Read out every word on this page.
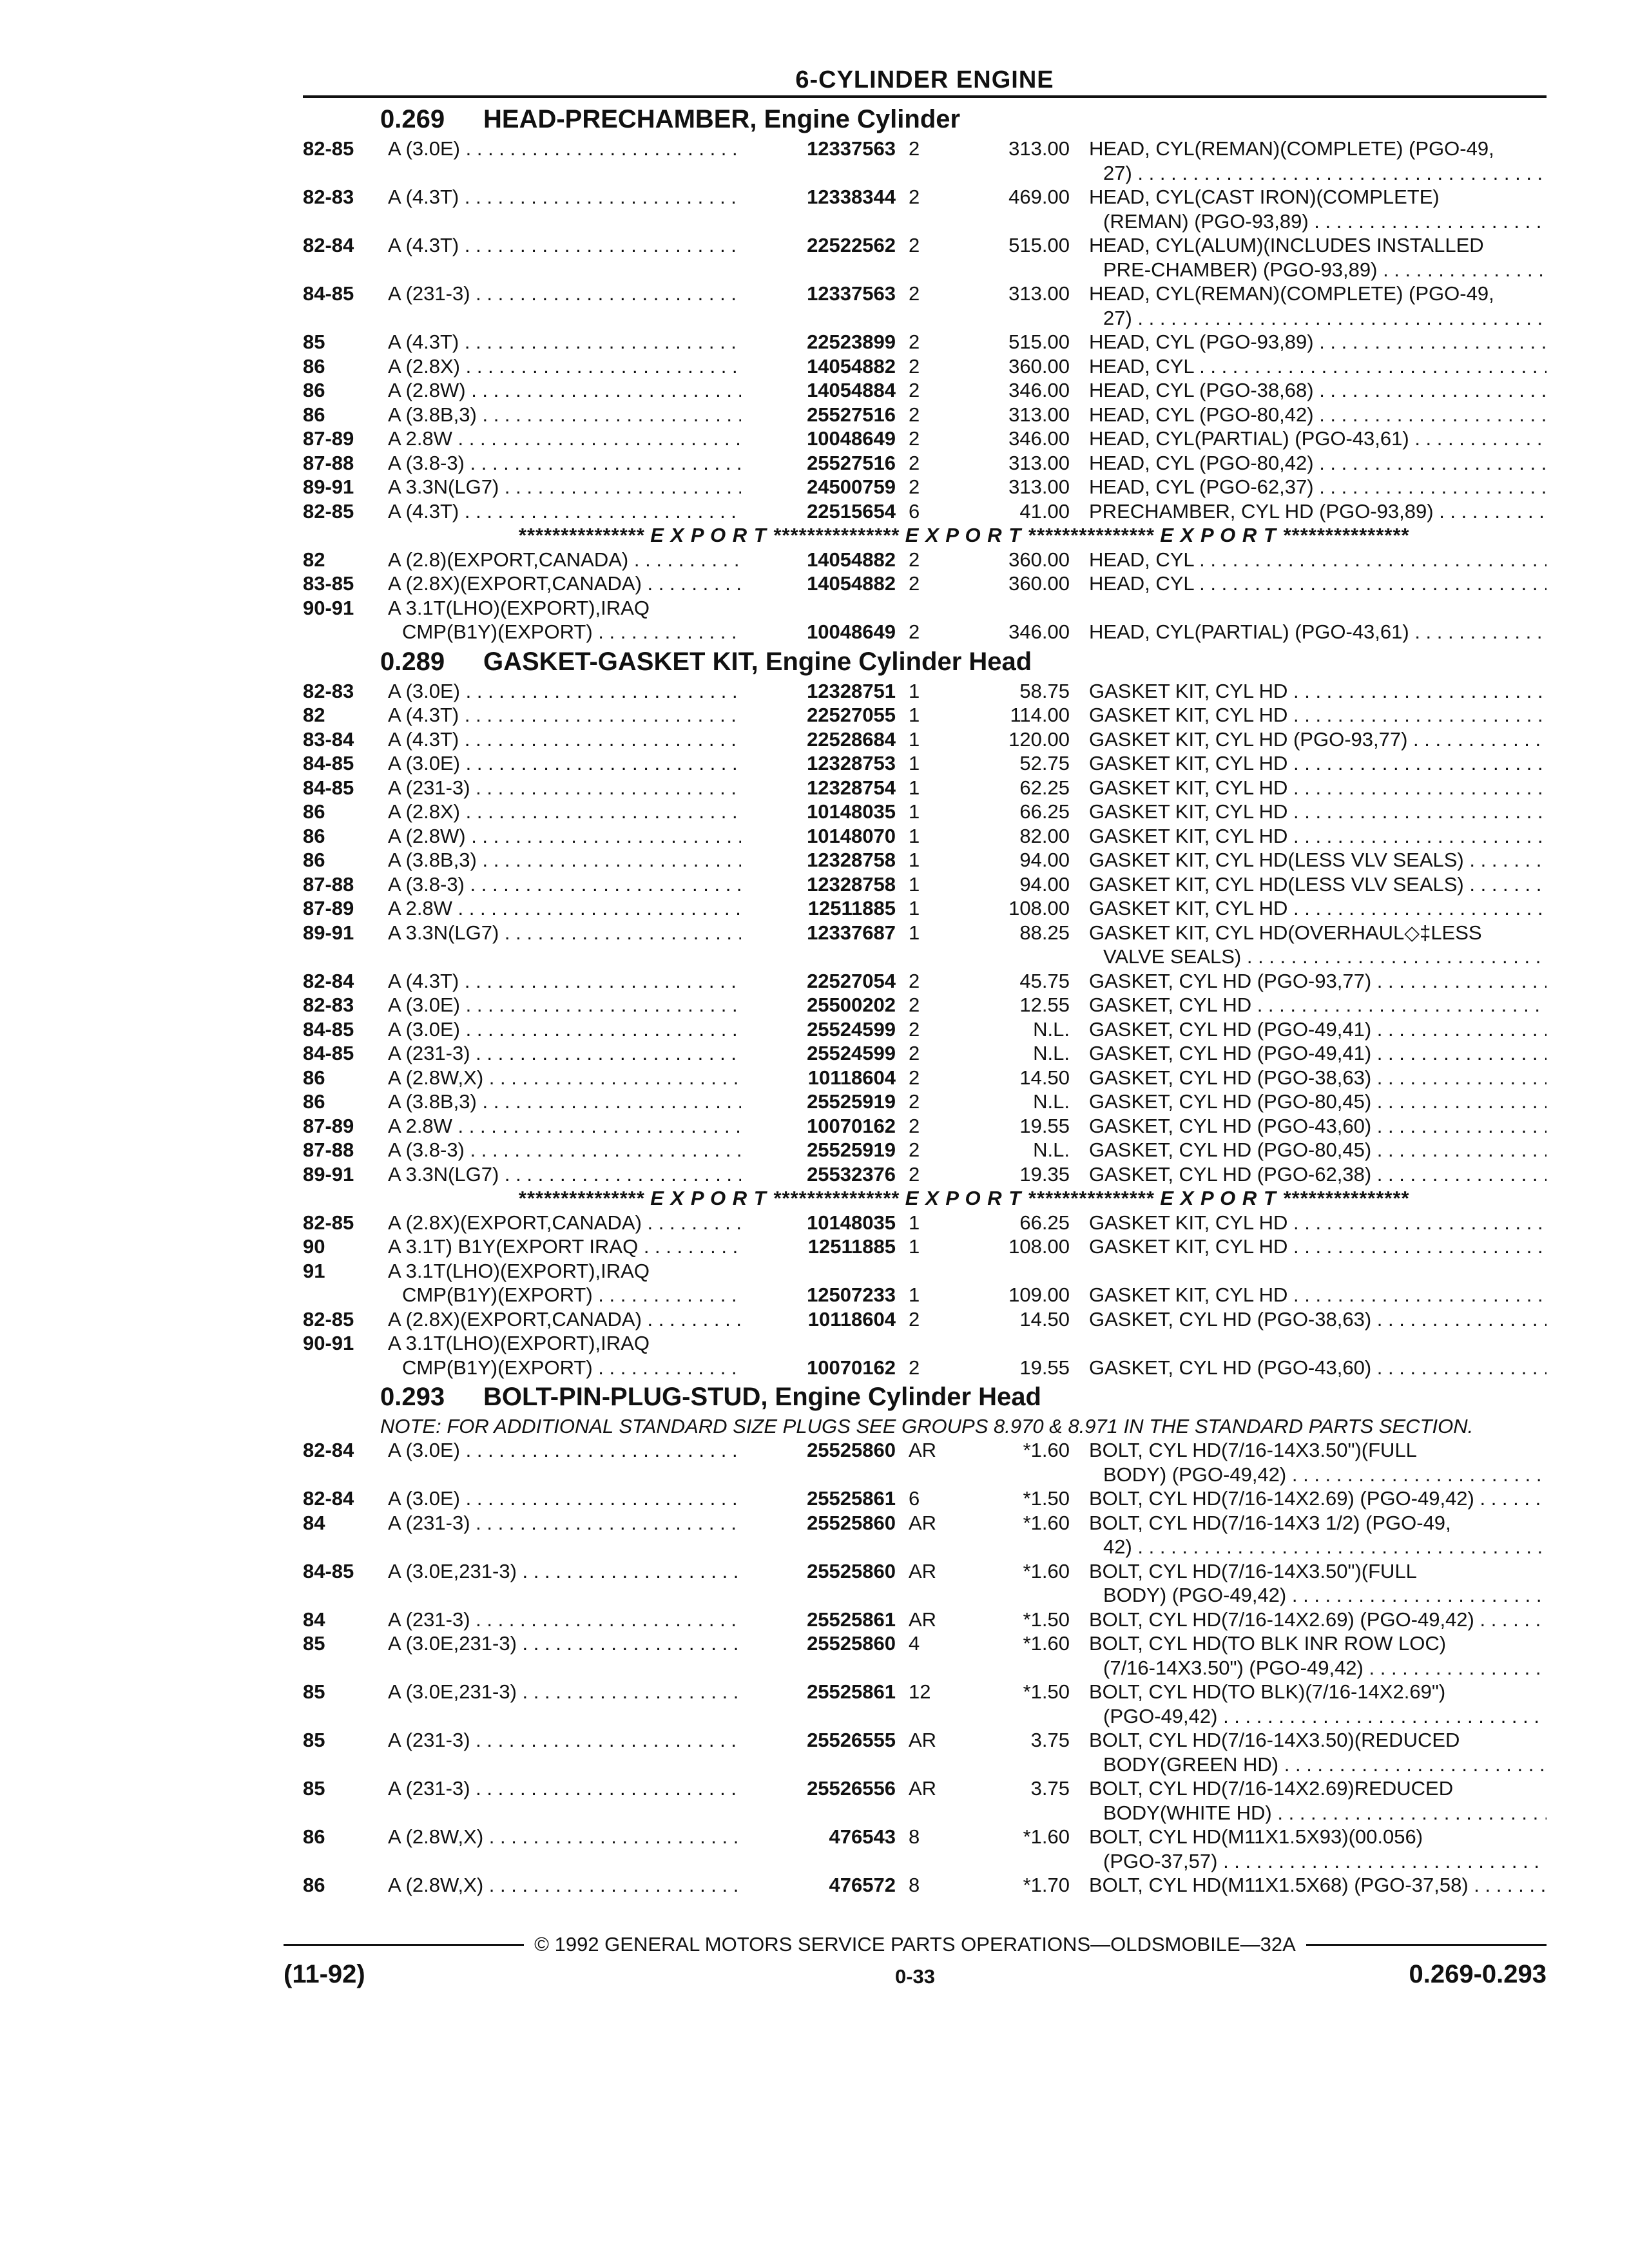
6-CYLINDER ENGINE
0.269	HEAD-PRECHAMBER, Engine Cylinder
82-85	A (3.0E) . . .	12337563 2	313.00 HEAD, CYL(REMAN)(COMPLETE) (PGO-49,
27) . . .
82-83	A (4.3T) . . .	12338344 2	469.00 HEAD, CYL(CAST IRON)(COMPLETE)
(REMAN) (PGO-93,89) . . .
82-84	A (4.3T) . . .	22522562 2	515.00 HEAD, CYL(ALUM)(INCLUDES INSTALLED
PRE-CHAMBER) (PGO-93,89) . . .
84-85	A (231-3) . . .	12337563 2	313.00 HEAD, CYL(REMAN)(COMPLETE) (PGO-49,
27) . . .
85	A (4.3T) . . .	22523899 2	515.00 HEAD, CYL (PGO-93,89) . . .
86	A (2.8X) . . .	14054882 2	360.00 HEAD, CYL . . .
86	A (2.8W) . . .	14054884 2	346.00 HEAD, CYL (PGO-38,68) . . .
86	A (3.8B,3) . . .	25527516 2	313.00 HEAD, CYL (PGO-80,42) . . .
87-89	A 2.8W . . .	10048649 2	346.00 HEAD, CYL(PARTIAL) (PGO-43,61) . . .
87-88	A (3.8-3) . . .	25527516 2	313.00 HEAD, CYL (PGO-80,42) . . .
89-91	A 3.3N(LG7) . . .	24500759 2	313.00 HEAD, CYL (PGO-62,37) . . .
82-85	A (4.3T) . . .	22515654 6	41.00 PRECHAMBER, CYL HD (PGO-93,89) . . .
*************** E X P O R T *************** E X P O R T *************** E X P O R T ***************
82	A (2.8)(EXPORT,CANADA) . . .	14054882 2	360.00 HEAD, CYL . . .
83-85	A (2.8X)(EXPORT,CANADA) . . .	14054882 2	360.00 HEAD, CYL . . .
90-91	A 3.1T(LHO)(EXPORT),IRAQ
CMP(B1Y)(EXPORT) . . .	10048649 2	346.00 HEAD, CYL(PARTIAL) (PGO-43,61) . . .
0.289	GASKET-GASKET KIT, Engine Cylinder Head
82-83	A (3.0E) . . .	12328751 1	58.75 GASKET KIT, CYL HD . . .
82	A (4.3T) . . .	22527055 1	114.00 GASKET KIT, CYL HD . . .
83-84	A (4.3T) . . .	22528684 1	120.00 GASKET KIT, CYL HD (PGO-93,77) . . .
84-85	A (3.0E) . . .	12328753 1	52.75 GASKET KIT, CYL HD . . .
84-85	A (231-3) . . .	12328754 1	62.25 GASKET KIT, CYL HD . . .
86	A (2.8X) . . .	10148035 1	66.25 GASKET KIT, CYL HD . . .
86	A (2.8W) . . .	10148070 1	82.00 GASKET KIT, CYL HD . . .
86	A (3.8B,3) . . .	12328758 1	94.00 GASKET KIT, CYL HD(LESS VLV SEALS) . . .
87-88	A (3.8-3) . . .	12328758 1	94.00 GASKET KIT, CYL HD(LESS VLV SEALS) . . .
87-89	A 2.8W . . .	12511885 1	108.00 GASKET KIT, CYL HD . . .
89-91	A 3.3N(LG7) . . .	12337687 1	88.25 GASKET KIT, CYL HD(OVERHAUL◇‡LESS
VALVE SEALS) . . .
82-84	A (4.3T) . . .	22527054 2	45.75 GASKET, CYL HD (PGO-93,77) . . .
82-83	A (3.0E) . . .	25500202 2	12.55 GASKET, CYL HD . . .
84-85	A (3.0E) . . .	25524599 2	N.L. GASKET, CYL HD (PGO-49,41) . . .
84-85	A (231-3) . . .	25524599 2	N.L. GASKET, CYL HD (PGO-49,41) . . .
86	A (2.8W,X) . . .	10118604 2	14.50 GASKET, CYL HD (PGO-38,63) . . .
86	A (3.8B,3) . . .	25525919 2	N.L. GASKET, CYL HD (PGO-80,45) . . .
87-89	A 2.8W . . .	10070162 2	19.55 GASKET, CYL HD (PGO-43,60) . . .
87-88	A (3.8-3) . . .	25525919 2	N.L. GASKET, CYL HD (PGO-80,45) . . .
89-91	A 3.3N(LG7) . . .	25532376 2	19.35 GASKET, CYL HD (PGO-62,38) . . .
*************** E X P O R T *************** E X P O R T *************** E X P O R T ***************
82-85	A (2.8X)(EXPORT,CANADA) . . .	10148035 1	66.25 GASKET KIT, CYL HD . . .
90	A 3.1T) B1Y(EXPORT IRAQ . . .	12511885 1	108.00 GASKET KIT, CYL HD . . .
91	A 3.1T(LHO)(EXPORT),IRAQ
CMP(B1Y)(EXPORT) . . .	12507233 1	109.00 GASKET KIT, CYL HD . . .
82-85	A (2.8X)(EXPORT,CANADA) . . .	10118604 2	14.50 GASKET, CYL HD (PGO-38,63) . . .
90-91	A 3.1T(LHO)(EXPORT),IRAQ
CMP(B1Y)(EXPORT) . . .	10070162 2	19.55 GASKET, CYL HD (PGO-43,60) . . .
0.293	BOLT-PIN-PLUG-STUD, Engine Cylinder Head
NOTE: FOR ADDITIONAL STANDARD SIZE PLUGS SEE GROUPS 8.970 & 8.971 IN THE STANDARD PARTS SECTION.
82-84	A (3.0E) . . .	25525860 AR	*1.60 BOLT, CYL HD(7/16-14X3.50")(FULL
BODY) (PGO-49,42) . . .
82-84	A (3.0E) . . .	25525861 6	*1.50 BOLT, CYL HD(7/16-14X2.69) (PGO-49,42) . . .
84	A (231-3) . . .	25525860 AR	*1.60 BOLT, CYL HD(7/16-14X3 1/2) (PGO-49,
42) . . .
84-85	A (3.0E,231-3) . . .	25525860 AR	*1.60 BOLT, CYL HD(7/16-14X3.50")(FULL
BODY) (PGO-49,42) . . .
84	A (231-3) . . .	25525861 AR	*1.50 BOLT, CYL HD(7/16-14X2.69) (PGO-49,42) . . .
85	A (3.0E,231-3) . . .	25525860 4	*1.60 BOLT, CYL HD(TO BLK INR ROW LOC)
(7/16-14X3.50") (PGO-49,42) . . .
85	A (3.0E,231-3) . . .	25525861 12	*1.50 BOLT, CYL HD(TO BLK)(7/16-14X2.69")
(PGO-49,42) . . .
85	A (231-3) . . .	25526555 AR	3.75 BOLT, CYL HD(7/16-14X3.50)(REDUCED
BODY(GREEN HD) . . .
85	A (231-3) . . .	25526556 AR	3.75 BOLT, CYL HD(7/16-14X2.69)REDUCED
BODY(WHITE HD) . . .
86	A (2.8W,X) . . .	476543 8	*1.60 BOLT, CYL HD(M11X1.5X93)(00.056)
(PGO-37,57) . . .
86	A (2.8W,X) . . .	476572 8	*1.70 BOLT, CYL HD(M11X1.5X68) (PGO-37,58) . . .
© 1992 GENERAL MOTORS SERVICE PARTS OPERATIONS—OLDSMOBILE—32A
(11-92)	0-33	0.269-0.293
